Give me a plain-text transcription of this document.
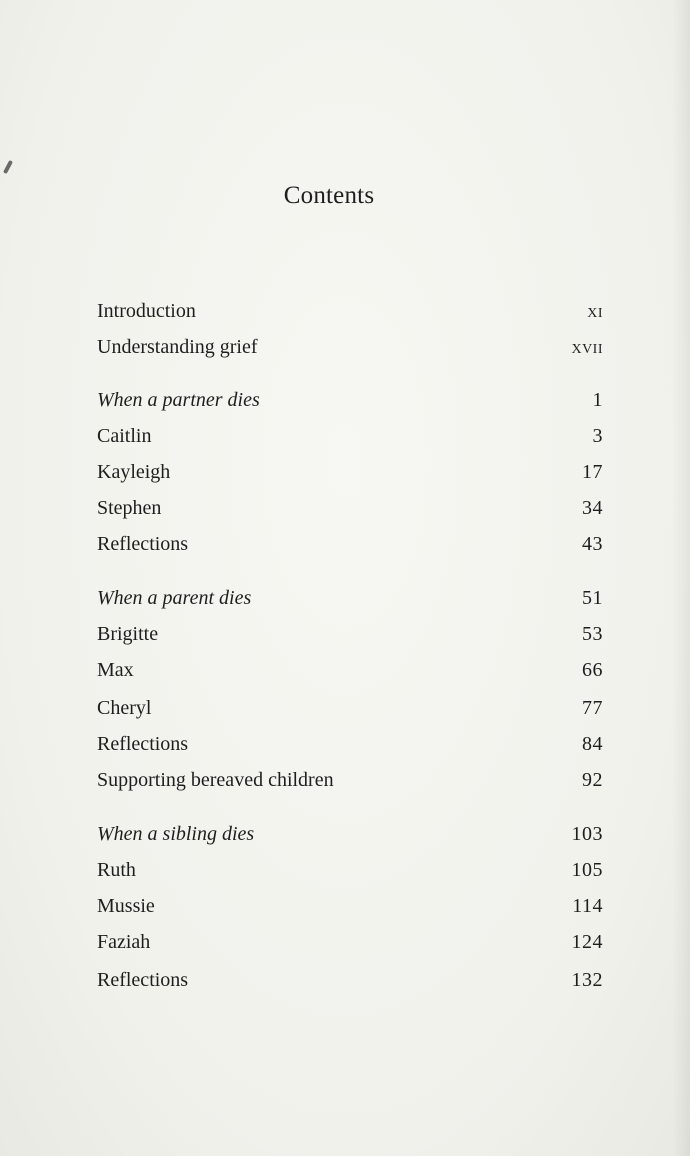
Contents
Introduction	xi
Understanding grief	xvii
When a partner dies	1
Caitlin	3
Kayleigh	17
Stephen	34
Reflections	43
When a parent dies	51
Brigitte	53
Max	66
Cheryl	77
Reflections	84
Supporting bereaved children	92
When a sibling dies	103
Ruth	105
Mussie	114
Faziah	124
Reflections	132
